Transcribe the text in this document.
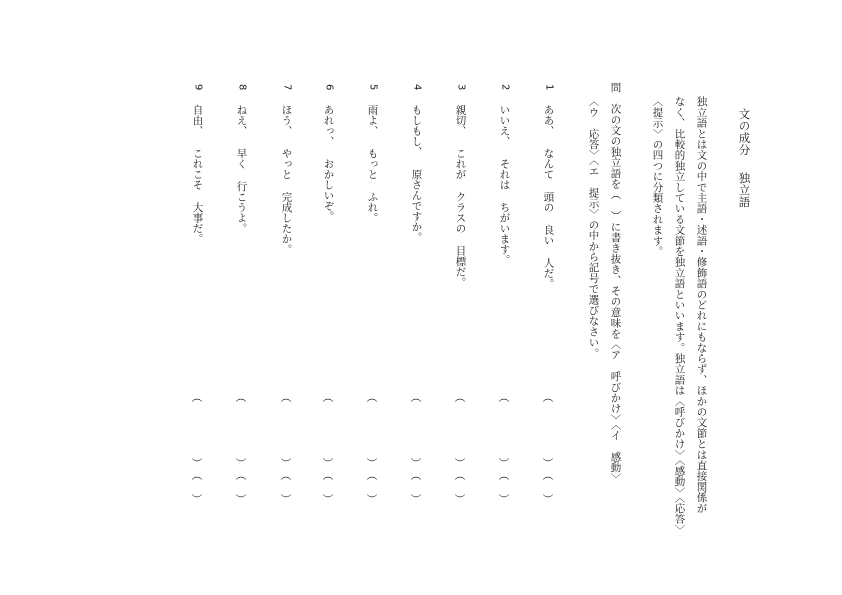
文の成分独立語
独立語とは文の中で主語・述語・修飾語のどれにもならず、ほかの文節とは直接関係が
なく、比較的独立している文節を独立語といいます。独立語は〈呼びかけ〉〈感動〉〈応答〉
〈提示〉の四つに分類されます。
問　次の文の独立語を（　）に書き抜き、その意味を〈ア　呼びかけ〉〈イ　感動〉
〈ウ　応答〉〈エ　提示〉の中から記号で選びなさい。
1ああ、なんて頭の良い人だ。
2いいえ、それはちがいます。
3親切、これがクラスの目標だ。
4もしもし、原さんですか。
5雨よ、もっとふれ。
6あれっ、おかしいぞ。
7ほう、やっと完成したか。
8ねえ、早く行こうよ。
9自由、これこそ大事だ。
︵
︶
︵
︶
︵
︶
︵
︶
︵
︶
︵
︶
︵
︶
︵
︶
︵
︶
︵
︶
︵
︶
︵
︶
︵
︶
︵
︶
︵
︶
︵
︶
︵
︶
︵
︶
